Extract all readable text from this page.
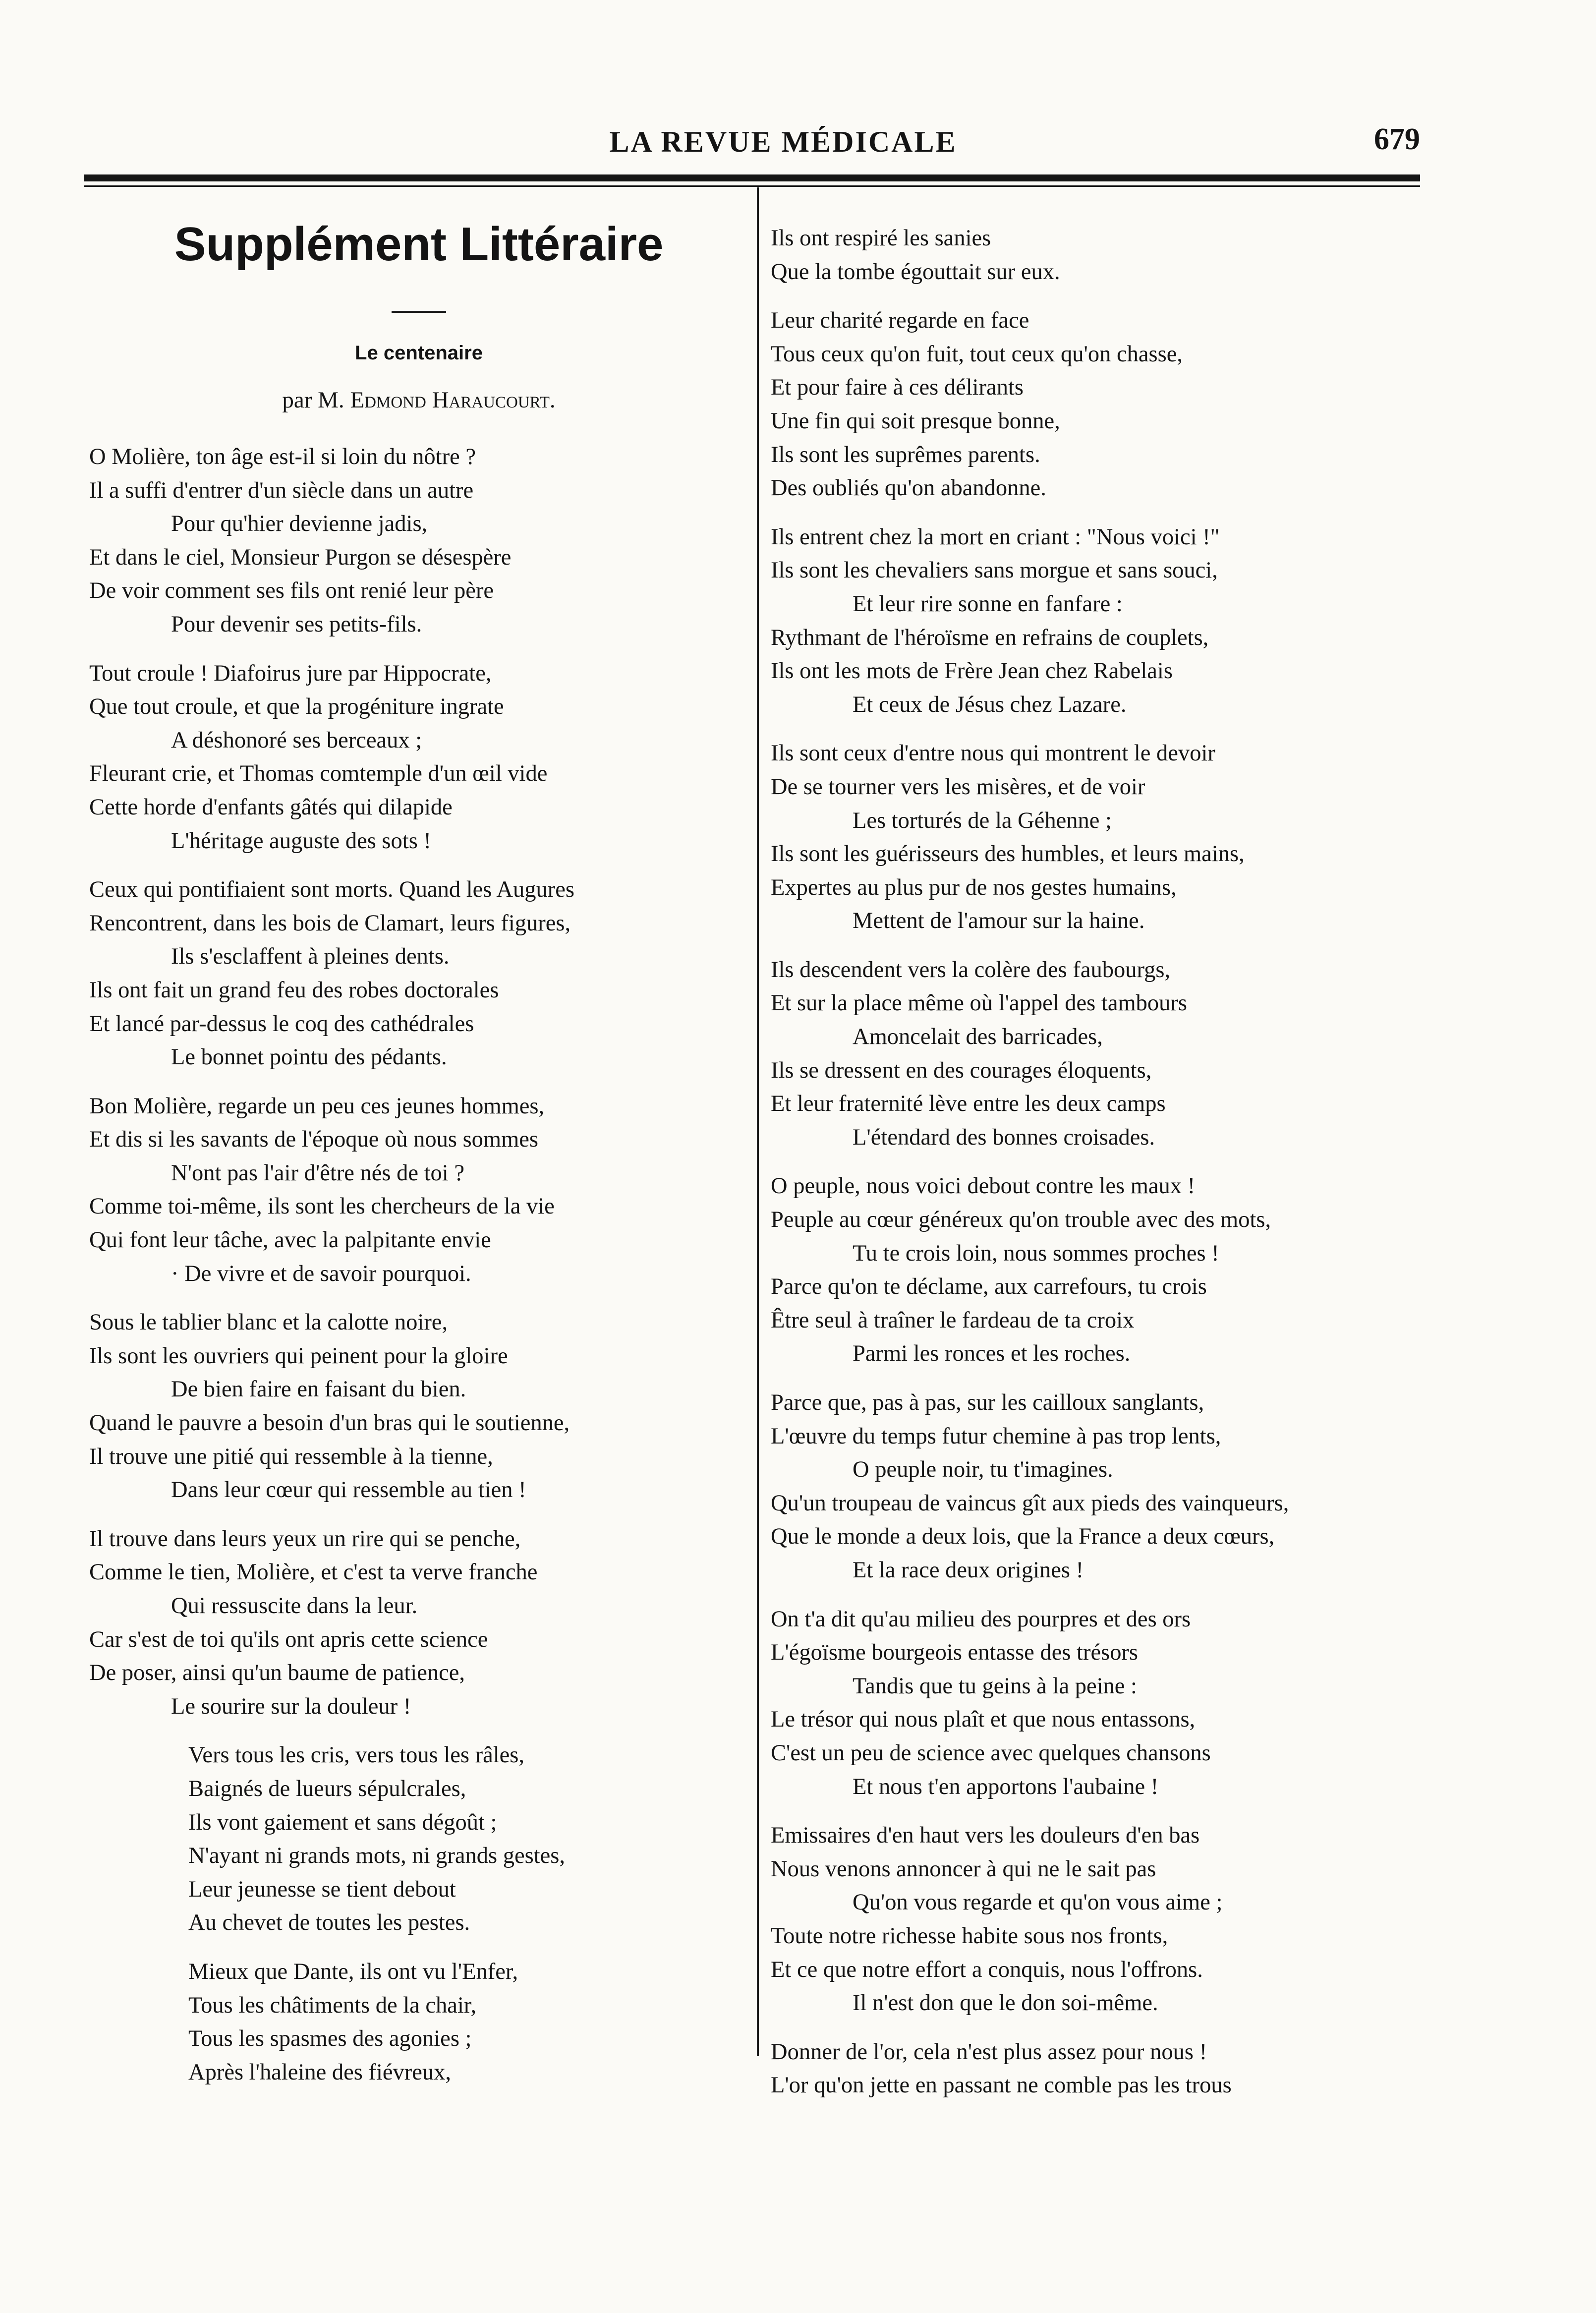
LA REVUE MÉDICALE	679
Supplément Littéraire
Le centenaire
par M. Edmond Haraucourt.
O Molière, ton âge est-il si loin du nôtre ?
Il a suffi d'entrer d'un siècle dans un autre
Pour qu'hier devienne jadis,
Et dans le ciel, Monsieur Purgon se désespère
De voir comment ses fils ont renié leur père
Pour devenir ses petits-fils.
Tout croule ! Diafoirus jure par Hippocrate,
Que tout croule, et que la progéniture ingrate
A déshonoré ses berceaux ;
Fleurant crie, et Thomas comtemple d'un œil vide
Cette horde d'enfants gâtés qui dilapide
L'héritage auguste des sots !
Ceux qui pontifiaient sont morts. Quand les Augures
Rencontrent, dans les bois de Clamart, leurs figures,
Ils s'esclaffent à pleines dents.
Ils ont fait un grand feu des robes doctorales
Et lancé par-dessus le coq des cathédrales
Le bonnet pointu des pédants.
Bon Molière, regarde un peu ces jeunes hommes,
Et dis si les savants de l'époque où nous sommes
N'ont pas l'air d'être nés de toi ?
Comme toi-même, ils sont les chercheurs de la vie
Qui font leur tâche, avec la palpitante envie
· De vivre et de savoir pourquoi.
Sous le tablier blanc et la calotte noire,
Ils sont les ouvriers qui peinent pour la gloire
De bien faire en faisant du bien.
Quand le pauvre a besoin d'un bras qui le soutienne,
Il trouve une pitié qui ressemble à la tienne,
Dans leur cœur qui ressemble au tien !
Il trouve dans leurs yeux un rire qui se penche,
Comme le tien, Molière, et c'est ta verve franche
Qui ressuscite dans la leur.
Car s'est de toi qu'ils ont apris cette science
De poser, ainsi qu'un baume de patience,
Le sourire sur la douleur !
Vers tous les cris, vers tous les râles,
Baignés de lueurs sépulcrales,
Ils vont gaiement et sans dégoût ;
N'ayant ni grands mots, ni grands gestes,
Leur jeunesse se tient debout
Au chevet de toutes les pestes.
Mieux que Dante, ils ont vu l'Enfer,
Tous les châtiments de la chair,
Tous les spasmes des agonies ;
Après l'haleine des fiévreux,
Ils ont respiré les sanies
Que la tombe égouttait sur eux.
Leur charité regarde en face
Tous ceux qu'on fuit, tout ceux qu'on chasse,
Et pour faire à ces délirants
Une fin qui soit presque bonne,
Ils sont les suprêmes parents.
Des oubliés qu'on abandonne.
Ils entrent chez la mort en criant : "Nous voici !"
Ils sont les chevaliers sans morgue et sans souci,
Et leur rire sonne en fanfare :
Rythmant de l'héroïsme en refrains de couplets,
Ils ont les mots de Frère Jean chez Rabelais
Et ceux de Jésus chez Lazare.
Ils sont ceux d'entre nous qui montrent le devoir
De se tourner vers les misères, et de voir
Les torturés de la Géhenne ;
Ils sont les guérisseurs des humbles, et leurs mains,
Expertes au plus pur de nos gestes humains,
Mettent de l'amour sur la haine.
Ils descendent vers la colère des faubourgs,
Et sur la place même où l'appel des tambours
Amoncelait des barricades,
Ils se dressent en des courages éloquents,
Et leur fraternité lève entre les deux camps
L'étendard des bonnes croisades.
O peuple, nous voici debout contre les maux !
Peuple au cœur généreux qu'on trouble avec des mots,
Tu te crois loin, nous sommes proches !
Parce qu'on te déclame, aux carrefours, tu crois
Être seul à traîner le fardeau de ta croix
Parmi les ronces et les roches.
Parce que, pas à pas, sur les cailloux sanglants,
L'œuvre du temps futur chemine à pas trop lents,
O peuple noir, tu t'imagines.
Qu'un troupeau de vaincus gît aux pieds des vainqueurs,
Que le monde a deux lois, que la France a deux cœurs,
Et la race deux origines !
On t'a dit qu'au milieu des pourpres et des ors
L'égoïsme bourgeois entasse des trésors
Tandis que tu geins à la peine :
Le trésor qui nous plaît et que nous entassons,
C'est un peu de science avec quelques chansons
Et nous t'en apportons l'aubaine !
Emissaires d'en haut vers les douleurs d'en bas
Nous venons annoncer à qui ne le sait pas
Qu'on vous regarde et qu'on vous aime ;
Toute notre richesse habite sous nos fronts,
Et ce que notre effort a conquis, nous l'offrons.
Il n'est don que le don soi-même.
Donner de l'or, cela n'est plus assez pour nous !
L'or qu'on jette en passant ne comble pas les trous
